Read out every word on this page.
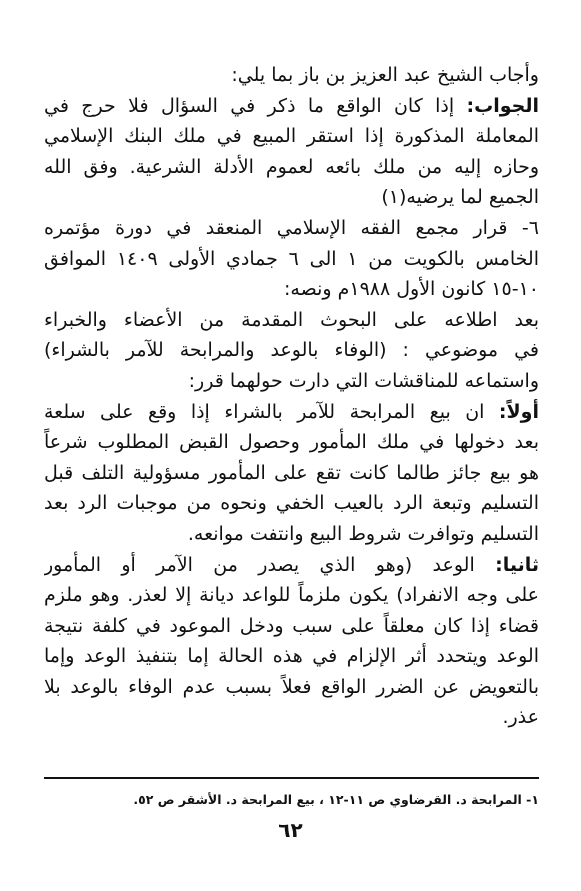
وأجاب الشيخ عبد العزيز بن باز بما يلي:
الجواب: إذا كان الواقع ما ذكر في السؤال فلا حرج في
المعاملة المذكورة إذا استقر المبيع في ملك البنك الإسلامي
وحازه إليه من ملك بائعه لعموم الأدلة الشرعية. وفق الله
الجميع لما يرضيه(١)
٦- قرار مجمع الفقه الإسلامي المنعقد في دورة مؤتمره
الخامس بالكويت من ١ الى ٦ جمادي الأولى ١٤٠٩ الموافق
١٠-١٥ كانون الأول ١٩٨٨م ونصه:
بعد اطلاعه على البحوث المقدمة من الأعضاء والخبراء
في موضوعي : (الوفاء بالوعد والمرابحة للآمر بالشراء)
واستماعه للمناقشات التي دارت حولهما قرر:
أولاً: ان بيع المرابحة للآمر بالشراء إذا وقع على سلعة
بعد دخولها في ملك المأمور وحصول القبض المطلوب شرعاً
هو بيع جائز طالما كانت تقع على المأمور مسؤولية التلف قبل
التسليم وتبعة الرد بالعيب الخفي ونحوه من موجبات الرد بعد
التسليم وتوافرت شروط البيع وانتفت موانعه.
ثانيا: الوعد (وهو الذي يصدر من الآمر أو المأمور
على وجه الانفراد) يكون ملزماً للواعد ديانة إلا لعذر. وهو ملزم
قضاء إذا كان معلقاً على سبب ودخل الموعود في كلفة نتيجة
الوعد ويتحدد أثر الإلزام في هذه الحالة إما بتنفيذ الوعد وإما
بالتعويض عن الضرر الواقع فعلاً بسبب عدم الوفاء بالوعد بلا
عذر.
١- المرابحة د. القرضاوي ص ١١-١٢ ، بيع المرابحة د. الأشقر ص ٥٢.
٦٢
